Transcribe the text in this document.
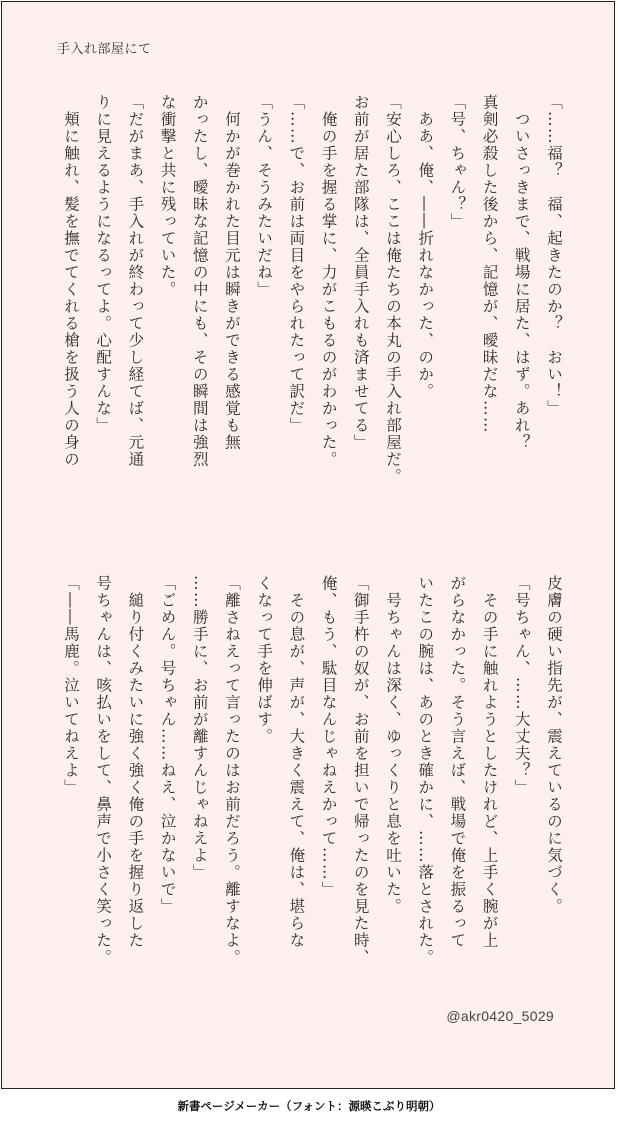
手入れ部屋にて
「……福？　福、起きたのか？　おい！」
　ついさっきまで、戦場に居た、はず。あれ？
真剣必殺した後から、記憶が、曖昧だな……
「号、ちゃん？」
　ああ、俺、――折れなかった、のか。
「安心しろ、ここは俺たちの本丸の手入れ部屋だ。
お前が居た部隊は、全員手入れも済ませてる」
　俺の手を握る掌に、力がこもるのがわかった。
「……で、お前は両目をやられたって訳だ」
「うん、そうみたいだね」
　何かが巻かれた目元は瞬きができる感覚も無
かったし、曖昧な記憶の中にも、その瞬間は強烈
な衝撃と共に残っていた。
「だがまあ、手入れが終わって少し経てば、元通
りに見えるようになるってよ。心配すんな」
　頬に触れ、髪を撫でてくれる槍を扱う人の身の
皮膚の硬い指先が、震えているのに気づく。
「号ちゃん、……大丈夫？」
　その手に触れようとしたけれど、上手く腕が上
がらなかった。そう言えば、戦場で俺を振るって
いたこの腕は、あのとき確かに、……落とされた。
　号ちゃんは深く、ゆっくりと息を吐いた。
「御手杵の奴が、お前を担いで帰ったのを見た時、
俺、もう、駄目なんじゃねえかって……」
　その息が、声が、大きく震えて、俺は、堪らな
くなって手を伸ばす。
「離さねえって言ったのはお前だろう。離すなよ。
……勝手に、お前が離すんじゃねえよ」
「ごめん。号ちゃん……ねえ、泣かないで」
　縋り付くみたいに強く強く俺の手を握り返した
号ちゃんは、咳払いをして、鼻声で小さく笑った。
「――馬鹿。泣いてねえよ」
@akr0420_5029
新書ページメーカー（フォント：源暎こぶり明朝）
